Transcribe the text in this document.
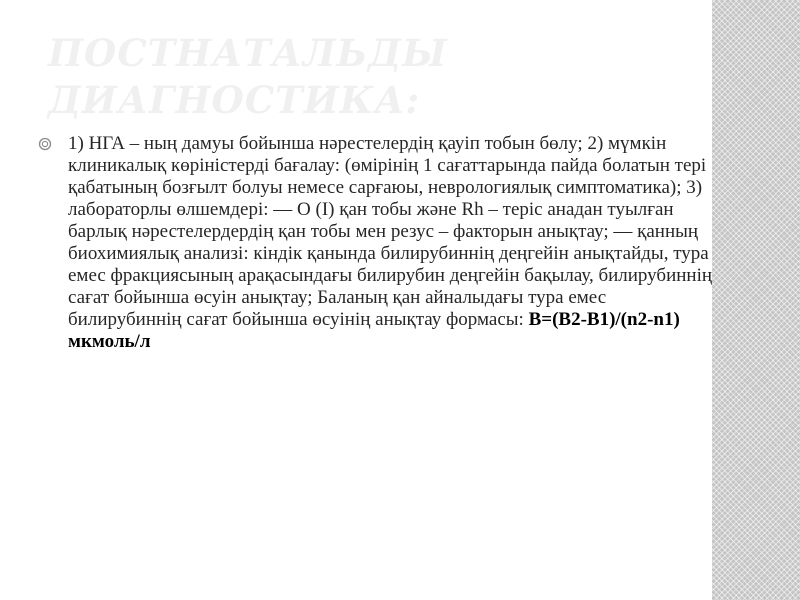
ПОСТНАТАЛЬДЫ ДИАГНОСТИКА:

1) НГА – ның дамуы бойынша нәрестелердің қауіп тобын бөлу; 2) мүмкін клиникалық көріністерді бағалау: (өмірінің 1 сағаттарында пайда болатын тері қабатының бозғылт болуы немесе сарғаюы, неврологиялық симптоматика); 3) лабораторлы өлшемдері: — О (І) қан тобы және Rh – теріс анадан туылған барлық нәрестелердердің қан тобы мен резус – факторын анықтау; — қанның биохимиялық анализі: кіндік қанында билирубиннің деңгейін анықтайды, тура емес фракциясының арақасындағы билирубин деңгейін бақылау, билирубиннің сағат бойынша өсуін анықтау; Баланың қан айналыдағы тура емес билирубиннің сағат бойынша өсуінің анықтау формасы: В=(В2-В1)/(n2-n1) мкмоль/л
